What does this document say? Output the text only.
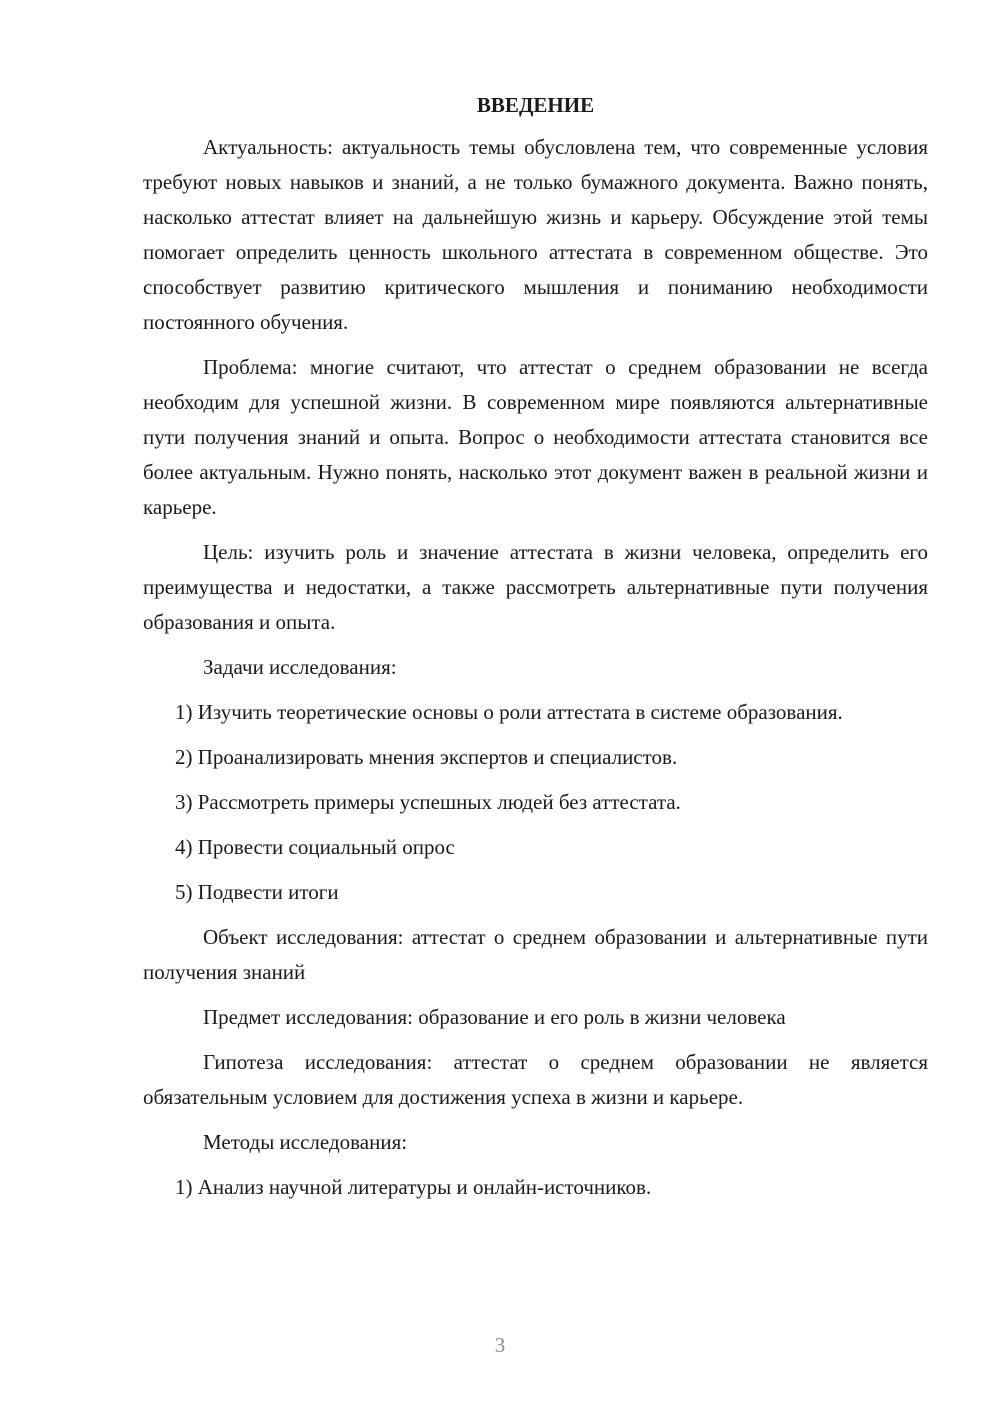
ВВЕДЕНИЕ
Актуальность: актуальность темы обусловлена тем, что современные условия требуют новых навыков и знаний, а не только бумажного документа. Важно понять, насколько аттестат влияет на дальнейшую жизнь и карьеру. Обсуждение этой темы помогает определить ценность школьного аттестата в современном обществе. Это способствует развитию критического мышления и пониманию необходимости постоянного обучения.
Проблема: многие считают, что аттестат о среднем образовании не всегда необходим для успешной жизни. В современном мире появляются альтернативные пути получения знаний и опыта. Вопрос о необходимости аттестата становится все более актуальным. Нужно понять, насколько этот документ важен в реальной жизни и карьере.
Цель: изучить роль и значение аттестата в жизни человека, определить его преимущества и недостатки, а также рассмотреть альтернативные пути получения образования и опыта.
Задачи исследования:
1) Изучить теоретические основы о роли аттестата в системе образования.
2) Проанализировать мнения экспертов и специалистов.
3) Рассмотреть примеры успешных людей без аттестата.
4) Провести социальный опрос
5) Подвести итоги
Объект исследования: аттестат о среднем образовании и альтернативные пути получения знаний
Предмет исследования: образование и его роль в жизни человека
Гипотеза исследования: аттестат о среднем образовании не является обязательным условием для достижения успеха в жизни и карьере.
Методы исследования:
1) Анализ научной литературы и онлайн-источников.
3
